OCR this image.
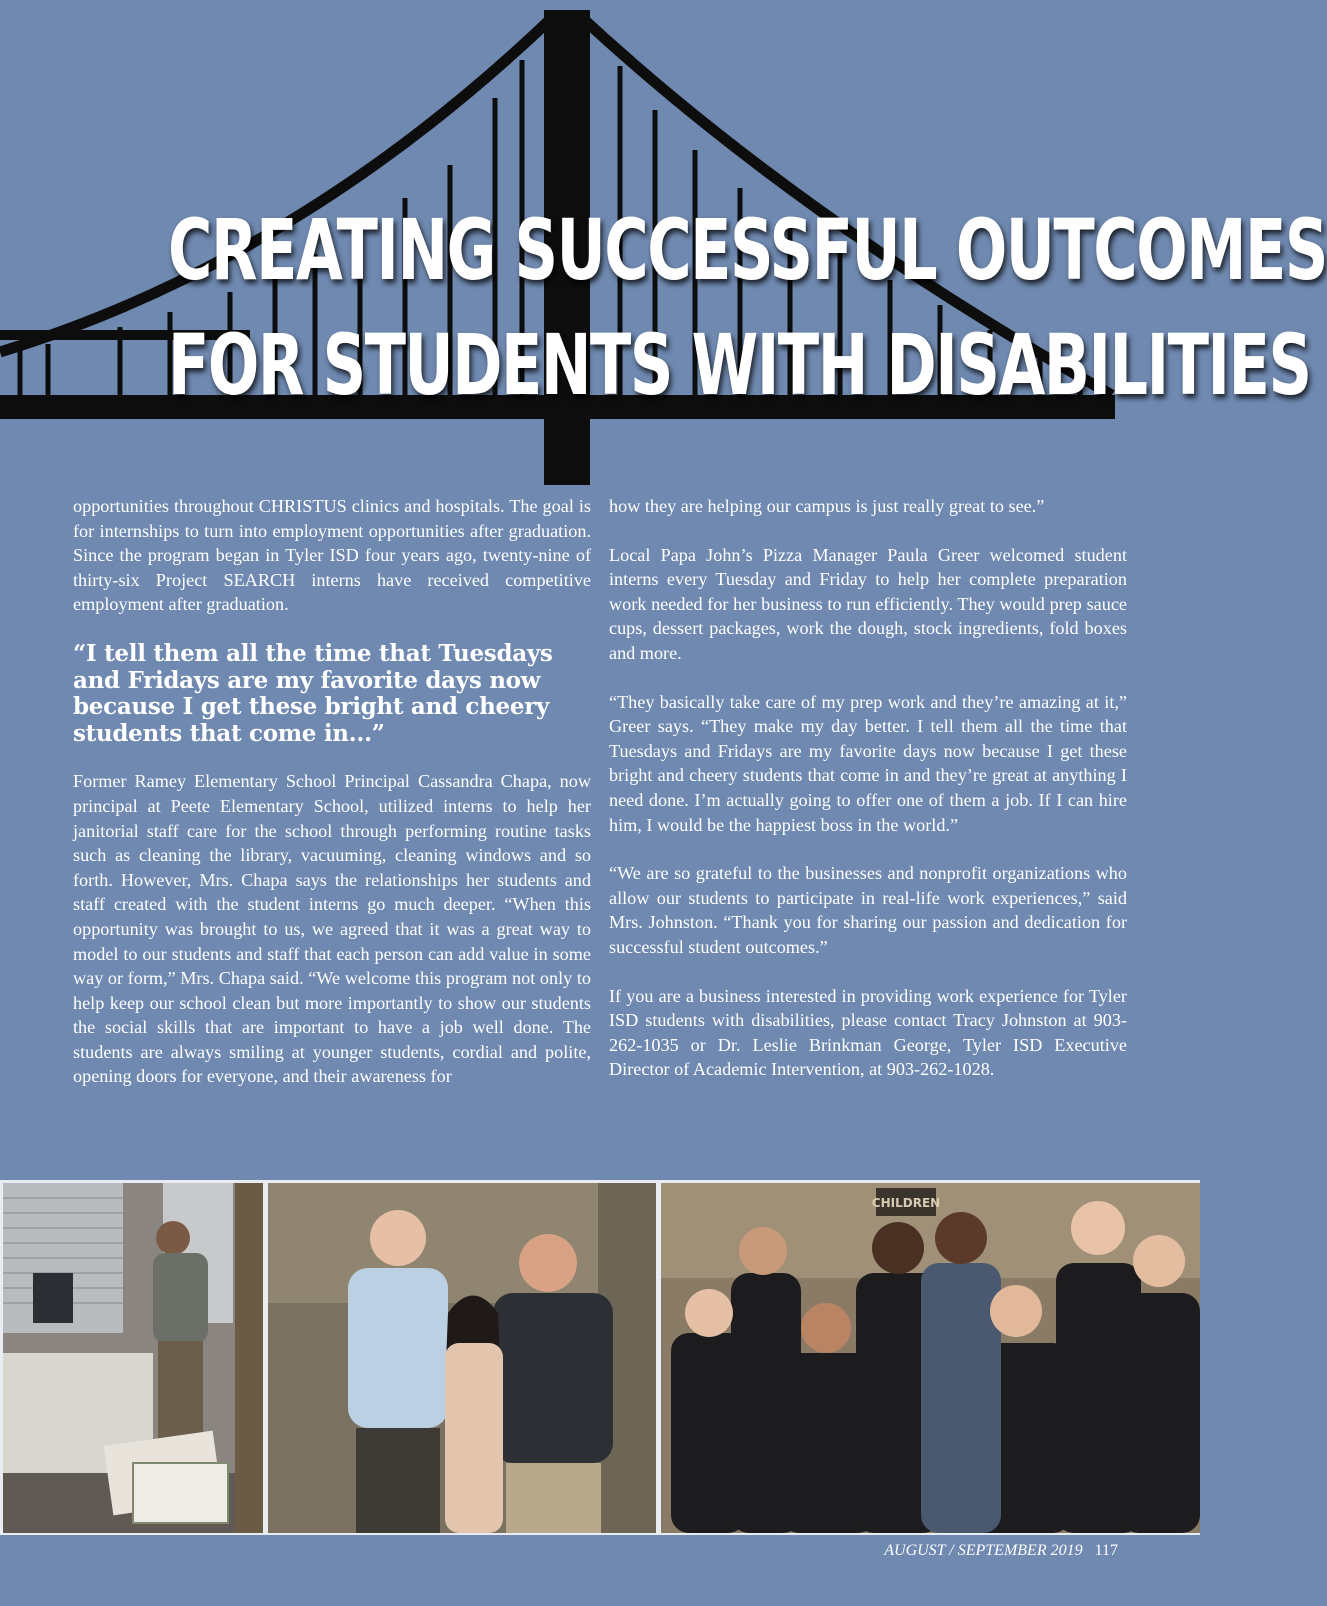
CREATING SUCCESSFUL OUTCOMES
FOR STUDENTS WITH DISABILITIES

opportunities throughout CHRISTUS clinics and hospitals. The goal is for internships to turn into employment opportunities after graduation. Since the program began in Tyler ISD four years ago, twenty-nine of thirty-six Project SEARCH interns have received competitive employment after graduation.

“I tell them all the time that Tuesdays and Fridays are my favorite days now because I get these bright and cheery students that come in...”

Former Ramey Elementary School Principal Cassandra Chapa, now principal at Peete Elementary School, utilized interns to help her janitorial staff care for the school through performing routine tasks such as cleaning the library, vacuuming, cleaning windows and so forth. However, Mrs. Chapa says the relationships her students and staff created with the student interns go much deeper. “When this opportunity was brought to us, we agreed that it was a great way to model to our students and staff that each person can add value in some way or form,” Mrs. Chapa said. “We welcome this program not only to help keep our school clean but more importantly to show our students the social skills that are important to have a job well done. The students are always smiling at younger students, cordial and polite, opening doors for everyone, and their awareness for

how they are helping our campus is just really great to see.”

Local Papa John’s Pizza Manager Paula Greer welcomed student interns every Tuesday and Friday to help her complete preparation work needed for her business to run efficiently. They would prep sauce cups, dessert packages, work the dough, stock ingredients, fold boxes and more.

“They basically take care of my prep work and they’re amazing at it,” Greer says. “They make my day better. I tell them all the time that Tuesdays and Fridays are my favorite days now because I get these bright and cheery students that come in and they’re great at anything I need done. I’m actually going to offer one of them a job. If I can hire him, I would be the happiest boss in the world.”

“We are so grateful to the businesses and nonprofit organizations who allow our students to participate in real-life work experiences,” said Mrs. Johnston. “Thank you for sharing our passion and dedication for successful student outcomes.”

If you are a business interested in providing work experience for Tyler ISD students with disabilities, please contact Tracy Johnston at 903-262-1035 or Dr. Leslie Brinkman George, Tyler ISD Executive Director of Academic Intervention, at 903-262-1028.

CHILDREN
AUGUST / SEPTEMBER 2019 117
